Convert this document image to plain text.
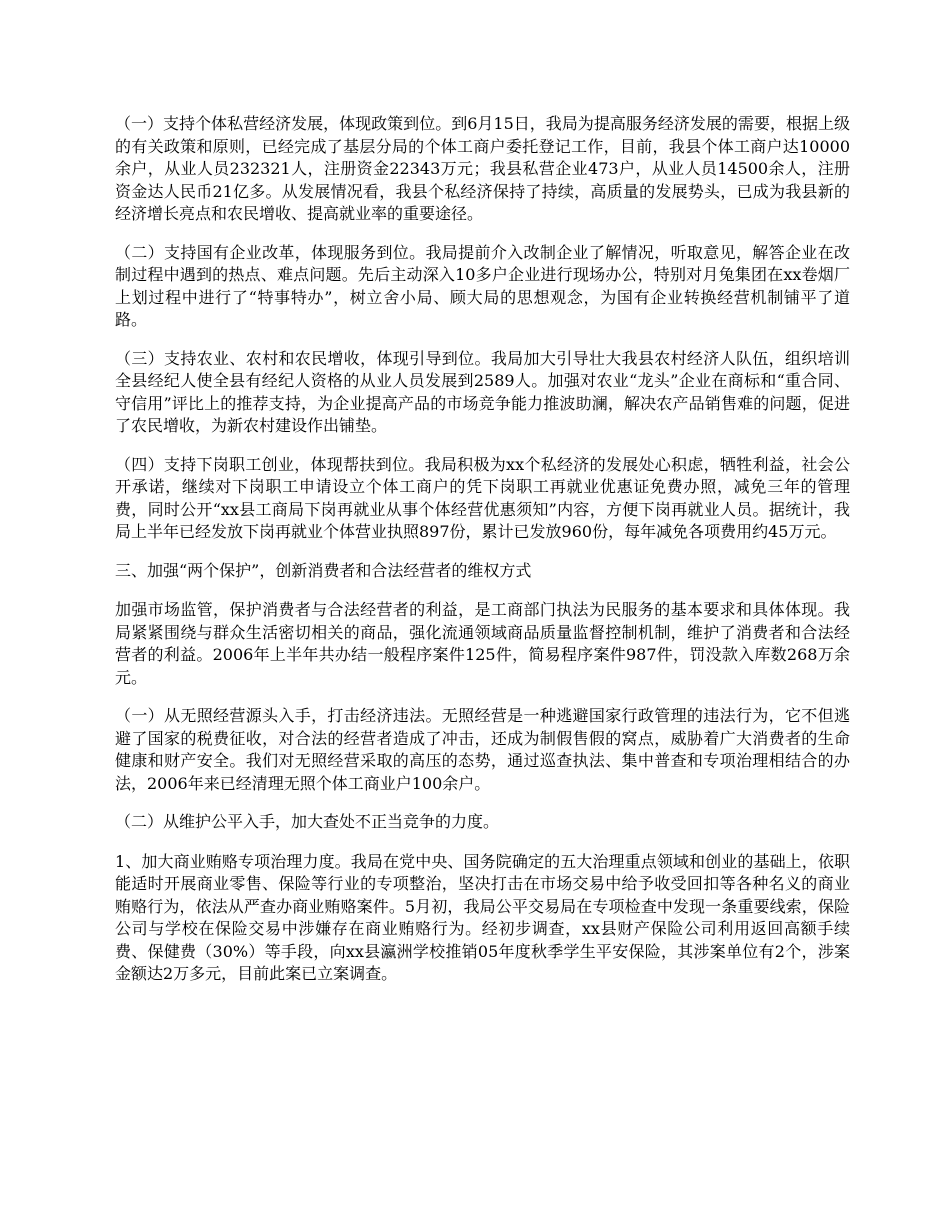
（一）支持个体私营经济发展，体现政策到位。到6月15日，我局为提高服务经济发展的需要，根据上级的有关政策和原则，已经完成了基层分局的个体工商户委托登记工作，目前，我县个体工商户达10000余户，从业人员232321人，注册资金22343万元；我县私营企业473户，从业人员14500余人，注册资金达人民币21亿多。从发展情况看，我县个私经济保持了持续，高质量的发展势头，已成为我县新的经济增长亮点和农民增收、提高就业率的重要途径。

（二）支持国有企业改革，体现服务到位。我局提前介入改制企业了解情况，听取意见，解答企业在改制过程中遇到的热点、难点问题。先后主动深入10多户企业进行现场办公，特别对月兔集团在xx卷烟厂上划过程中进行了“特事特办”，树立舍小局、顾大局的思想观念，为国有企业转换经营机制铺平了道路。

（三）支持农业、农村和农民增收，体现引导到位。我局加大引导壮大我县农村经济人队伍，组织培训全县经纪人使全县有经纪人资格的从业人员发展到2589人。加强对农业“龙头”企业在商标和“重合同、守信用”评比上的推荐支持，为企业提高产品的市场竞争能力推波助澜，解决农产品销售难的问题，促进了农民增收，为新农村建设作出铺垫。

（四）支持下岗职工创业，体现帮扶到位。我局积极为xx个私经济的发展处心积虑，牺牲利益，社会公开承诺，继续对下岗职工申请设立个体工商户的凭下岗职工再就业优惠证免费办照，减免三年的管理费，同时公开“xx县工商局下岗再就业从事个体经营优惠须知”内容，方便下岗再就业人员。据统计，我局上半年已经发放下岗再就业个体营业执照897份，累计已发放960份，每年减免各项费用约45万元。

三、加强“两个保护”，创新消费者和合法经营者的维权方式

加强市场监管，保护消费者与合法经营者的利益，是工商部门执法为民服务的基本要求和具体体现。我局紧紧围绕与群众生活密切相关的商品，强化流通领域商品质量监督控制机制，维护了消费者和合法经营者的利益。2006年上半年共办结一般程序案件125件，简易程序案件987件，罚没款入库数268万余元。

（一）从无照经营源头入手，打击经济违法。无照经营是一种逃避国家行政管理的违法行为，它不但逃避了国家的税费征收，对合法的经营者造成了冲击，还成为制假售假的窝点，威胁着广大消费者的生命健康和财产安全。我们对无照经营采取的高压的态势，通过巡查执法、集中普查和专项治理相结合的办法，2006年来已经清理无照个体工商业户100余户。

（二）从维护公平入手，加大查处不正当竞争的力度。

1、加大商业贿赂专项治理力度。我局在党中央、国务院确定的五大治理重点领域和创业的基础上，依职能适时开展商业零售、保险等行业的专项整治，坚决打击在市场交易中给予收受回扣等各种名义的商业贿赂行为，依法从严查办商业贿赂案件。5月初，我局公平交易局在专项检查中发现一条重要线索，保险公司与学校在保险交易中涉嫌存在商业贿赂行为。经初步调查，xx县财产保险公司利用返回高额手续费、保健费（30%）等手段，向xx县瀛洲学校推销05年度秋季学生平安保险，其涉案单位有2个，涉案金额达2万多元，目前此案已立案调查。
